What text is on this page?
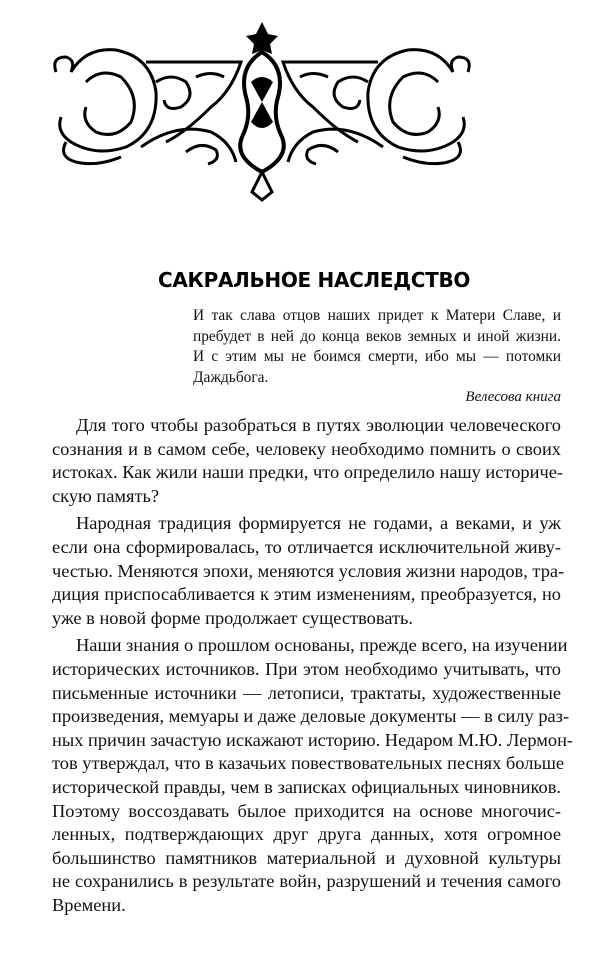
САКРАЛЬНОЕ НАСЛЕДСТВО
И так слава отцов наших придет к Матери Славе, и
пребудет в ней до конца веков земных и иной жизни.
И с этим мы не боимся смерти, ибо мы — потомки
Даждьбога.
Велесова книга
Для того чтобы разобраться в путях эволюции человеческого
сознания и в самом себе, человеку необходимо помнить о своих
истоках. Как жили наши предки, что определило нашу историче-
скую память?
Народная традиция формируется не годами, а веками, и уж
если она сформировалась, то отличается исключительной живу-
честью. Меняются эпохи, меняются условия жизни народов, тра-
диция приспосабливается к этим изменениям, преобразуется, но
уже в новой форме продолжает существовать.
Наши знания о прошлом основаны, прежде всего, на изучении
исторических источников. При этом необходимо учитывать, что
письменные источники — летописи, трактаты, художественные
произведения, мемуары и даже деловые документы — в силу раз-
ных причин зачастую искажают историю. Недаром М.Ю. Лермон-
тов утверждал, что в казачьих повествовательных песнях больше
исторической правды, чем в записках официальных чиновников.
Поэтому воссоздавать былое приходится на основе многочис-
ленных, подтверждающих друг друга данных, хотя огромное
большинство памятников материальной и духовной культуры
не сохранились в результате войн, разрушений и течения самого
Времени.
